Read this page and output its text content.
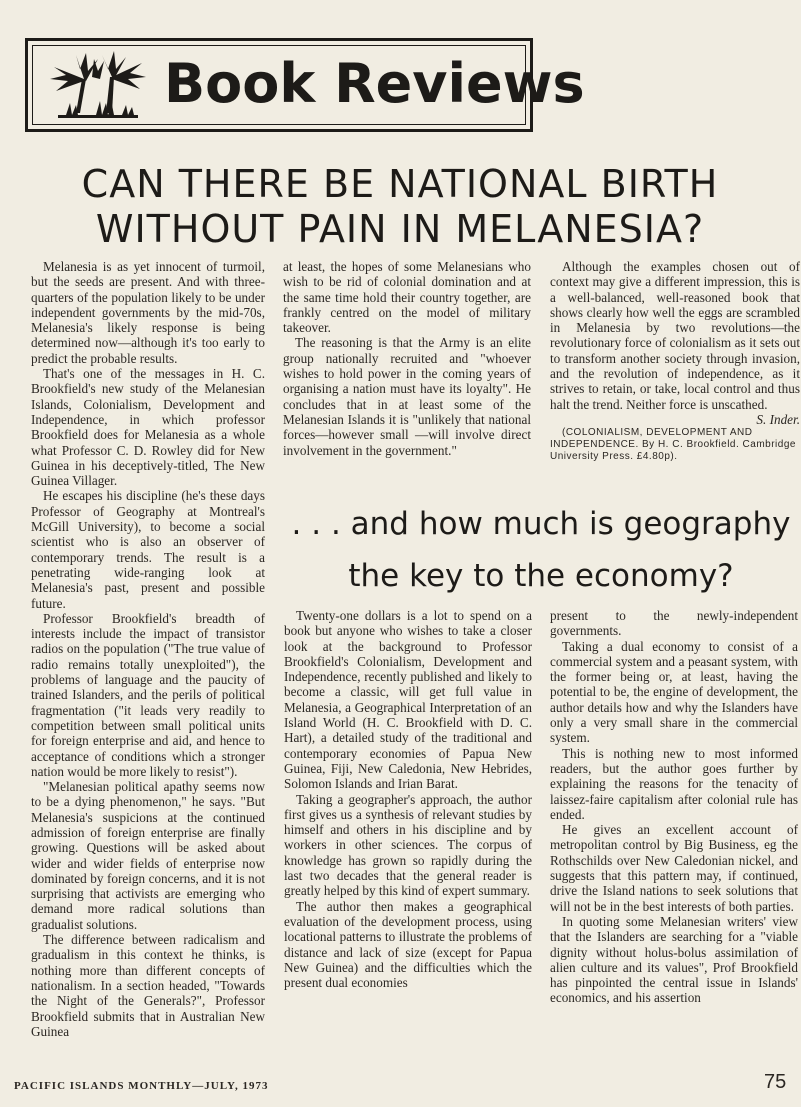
Book Reviews
CAN THERE BE NATIONAL BIRTH
WITHOUT PAIN IN MELANESIA?

Melanesia is as yet innocent of turmoil, but the seeds are present. And with three-quarters of the population likely to be under independent governments by the mid-70s, Melanesia's likely response is being determined now—although it's too early to predict the probable results.

That's one of the messages in H. C. Brookfield's new study of the Melanesian Islands, Colonialism, Development and Independence, in which professor Brookfield does for Melanesia as a whole what Professor C. D. Rowley did for New Guinea in his deceptively-titled, The New Guinea Villager.

He escapes his discipline (he's these days Professor of Geography at Montreal's McGill University), to become a social scientist who is also an observer of contemporary trends. The result is a penetrating wide-ranging look at Melanesia's past, present and possible future.

Professor Brookfield's breadth of interests include the impact of transistor radios on the population ("The true value of radio remains totally unexploited"), the problems of language and the paucity of trained Islanders, and the perils of political fragmentation ("it leads very readily to competition between small political units for foreign enterprise and aid, and hence to acceptance of conditions which a stronger nation would be more likely to resist").

"Melanesian political apathy seems now to be a dying phenomenon," he says. "But Melanesia's suspicions at the continued admission of foreign enterprise are finally growing. Questions will be asked about wider and wider fields of enterprise now dominated by foreign concerns, and it is not surprising that activists are emerging who demand more radical solutions than gradualist solutions.

The difference between radicalism and gradualism in this context he thinks, is nothing more than different concepts of nationalism. In a section headed, "Towards the Night of the Generals?", Professor Brookfield submits that in Australian New Guinea

at least, the hopes of some Melanesians who wish to be rid of colonial domination and at the same time hold their country together, are frankly centred on the model of military takeover.

The reasoning is that the Army is an elite group nationally recruited and "whoever wishes to hold power in the coming years of organising a nation must have its loyalty". He concludes that in at least some of the Melanesian Islands it is "unlikely that national forces—however small —will involve direct involvement in the government."

Although the examples chosen out of context may give a different impression, this is a well-balanced, well-reasoned book that shows clearly how well the eggs are scrambled in Melanesia by two revolutions—the revolutionary force of colonialism as it sets out to transform another society through invasion, and the revolution of independence, as it strives to retain, or take, local control and thus halt the trend. Neither force is unscathed.

S. Inder.

(COLONIALISM, DEVELOPMENT AND INDEPENDENCE. By H. C. Brookfield. Cambridge University Press. £4.80p).

. . . and how much is geography
the key to the economy?

Twenty-one dollars is a lot to spend on a book but anyone who wishes to take a closer look at the background to Professor Brookfield's Colonialism, Development and Independence, recently published and likely to become a classic, will get full value in Melanesia, a Geographical Interpretation of an Island World (H. C. Brookfield with D. C. Hart), a detailed study of the traditional and contemporary economies of Papua New Guinea, Fiji, New Caledonia, New Hebrides, Solomon Islands and Irian Barat.

Taking a geographer's approach, the author first gives us a synthesis of relevant studies by himself and others in his discipline and by workers in other sciences. The corpus of knowledge has grown so rapidly during the last two decades that the general reader is greatly helped by this kind of expert summary.

The author then makes a geographical evaluation of the development process, using locational patterns to illustrate the problems of distance and lack of size (except for Papua New Guinea) and the difficulties which the present dual economies

present to the newly-independent governments.

Taking a dual economy to consist of a commercial system and a peasant system, with the former being or, at least, having the potential to be, the engine of development, the author details how and why the Islanders have only a very small share in the commercial system.

This is nothing new to most informed readers, but the author goes further by explaining the reasons for the tenacity of laissez-faire capitalism after colonial rule has ended.

He gives an excellent account of metropolitan control by Big Business, eg the Rothschilds over New Caledonian nickel, and suggests that this pattern may, if continued, drive the Island nations to seek solutions that will not be in the best interests of both parties.

In quoting some Melanesian writers' view that the Islanders are searching for a "viable dignity without holus-bolus assimilation of alien culture and its values", Prof Brookfield has pinpointed the central issue in Islands' economics, and his assertion

PACIFIC ISLANDS MONTHLY—JULY, 1973	75
